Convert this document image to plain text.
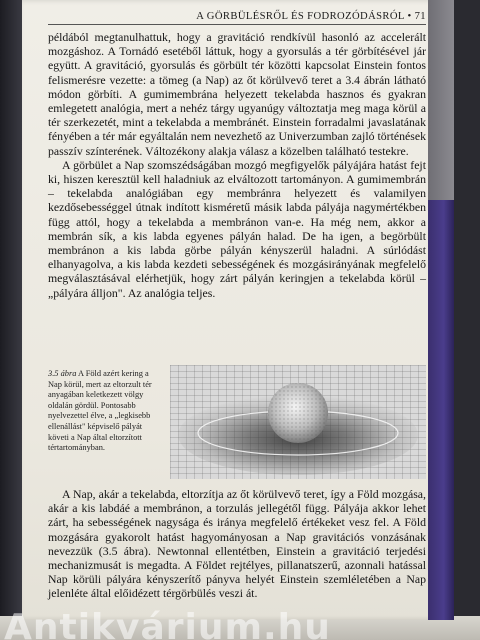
A GÖRBÜLÉSRŐL ÉS FODROZÓDÁSRÓL • 71

példából megtanulhattuk, hogy a gravitáció rendkívül hasonló az accelerált mozgáshoz. A Tornádó esetéből láttuk, hogy a gyorsulás a tér görbítésével jár együtt. A gravitáció, gyorsulás és görbült tér közötti kapcsolat Einstein fontos felismerésre vezette: a tömeg (a Nap) az őt körülvevő teret a 3.4 ábrán látható módon görbíti. A gumimembrána helyezett tekelabda hasznos és gyakran emlegetett analógia, mert a nehéz tárgy ugyanúgy változtatja meg maga körül a tér szerkezetét, mint a tekelabda a membránét. Einstein forradalmi javaslatának fényében a tér már egyáltalán nem nevezhető az Univerzumban zajló történések passzív színterének. Változékony alakja válasz a közelben található testekre.

A görbület a Nap szomszédságában mozgó megfigyelők pályájára hatást fejt ki, hiszen keresztül kell haladniuk az elváltozott tartományon. A gumimembrán – tekelabda analógiában egy membránra helyezett és valamilyen kezdősebességgel útnak indított kisméretű másik labda pályája nagymértékben függ attól, hogy a tekelabda a membránon van-e. Ha még nem, akkor a membrán sík, a kis labda egyenes pályán halad. De ha igen, a begörbült membránon a kis labda görbe pályán kényszerül haladni. A súrlódást elhanyagolva, a kis labda kezdeti sebességének és mozgásirányának megfelelő megválasztásával elérhetjük, hogy zárt pályán keringjen a tekelabda körül – „pályára álljon". Az analógia teljes.

3.5 ábra A Föld azért kering a Nap körül, mert az eltorzult tér anyagában keletkezett völgy oldalán gördül. Pontosabb nyelvezettel élve, a „legkisebb ellenállást" képviselő pályát követi a Nap által eltorzított tértartományban.

A Nap, akár a tekelabda, eltorzítja az őt körülvevő teret, így a Föld mozgása, akár a kis labdáé a membránon, a torzulás jellegétől függ. Pályája akkor lehet zárt, ha sebességének nagysága és iránya megfelelő értékeket vesz fel. A Föld mozgására gyakorolt hatást hagyományosan a Nap gravitációs vonzásának nevezzük (3.5 ábra). Newtonnal ellentétben, Einstein a gravitáció terjedési mechanizmusát is megadta. A Földet rejtélyes, pillanatszerű, azonnali hatással Nap körüli pályára kényszerítő pányva helyét Einstein szemléletében a Nap jelenléte által előidézett térgörbülés veszi át.

Antikvárium.hu
